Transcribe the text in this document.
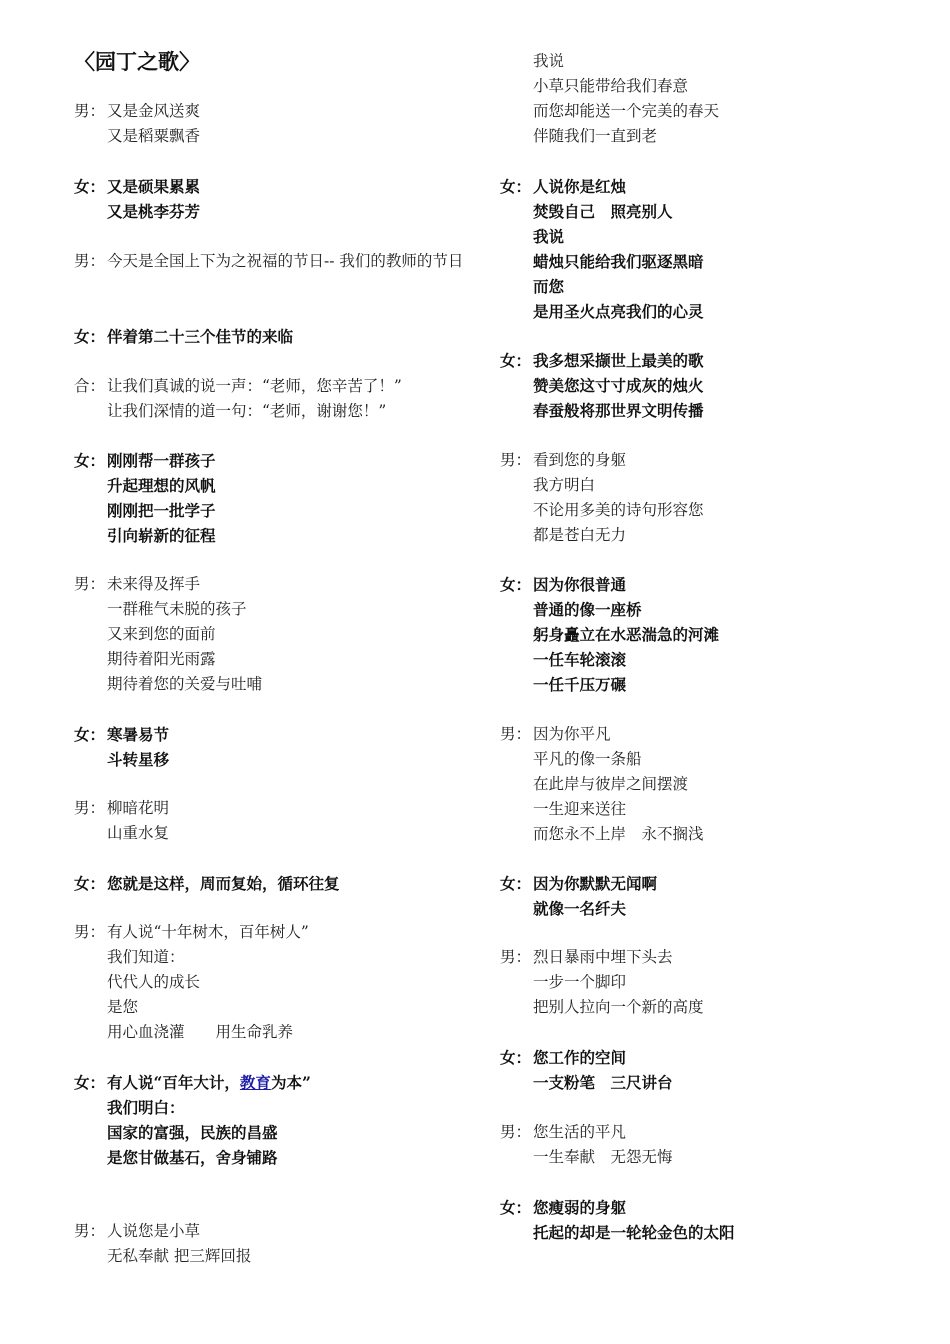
〈园丁之歌〉
男： 又是金风送爽
又是稻粟飘香
女： 又是硕果累累
又是桃李芬芳
男： 今天是全国上下为之祝福的节日-- 我们的教师的节日
女： 伴着第二十三个佳节的来临
合： 让我们真诚的说一声：“老师，您辛苦了！”
让我们深情的道一句：“老师，谢谢您！”
女： 刚刚帮一群孩子
升起理想的风帆
刚刚把一批学子
引向崭新的征程
男： 未来得及挥手
一群稚气未脱的孩子
又来到您的面前
期待着阳光雨露
期待着您的关爱与吐哺
女： 寒暑易节
斗转星移
男： 柳暗花明
山重水复
女： 您就是这样，周而复始，循环往复
男： 有人说“十年树木，百年树人”
我们知道：
代代人的成长
是您
用心血浇灌　　用生命乳养
女： 有人说“百年大计，教育为本”
我们明白：
国家的富强，民族的昌盛
是您甘做基石，舍身铺路
男： 人说您是小草
无私奉献 把三辉回报
我说
小草只能带给我们春意
而您却能送一个完美的春天
伴随我们一直到老
女： 人说你是红烛
焚毁自己　照亮别人
我说
蜡烛只能给我们驱逐黑暗
而您
是用圣火点亮我们的心灵
女： 我多想采撷世上最美的歌
赞美您这寸寸成灰的烛火
春蚕般将那世界文明传播
男： 看到您的身躯
我方明白
不论用多美的诗句形容您
都是苍白无力
女： 因为你很普通
普通的像一座桥
躬身矗立在水恶湍急的河滩
一任车轮滚滚
一任千压万碾
男： 因为你平凡
平凡的像一条船
在此岸与彼岸之间摆渡
一生迎来送往
而您永不上岸　永不搁浅
女： 因为你默默无闻啊
就像一名纤夫
男： 烈日暴雨中埋下头去
一步一个脚印
把别人拉向一个新的高度
女： 您工作的空间
一支粉笔　三尺讲台
男： 您生活的平凡
一生奉献　无怨无悔
女： 您瘦弱的身躯
托起的却是一轮轮金色的太阳
